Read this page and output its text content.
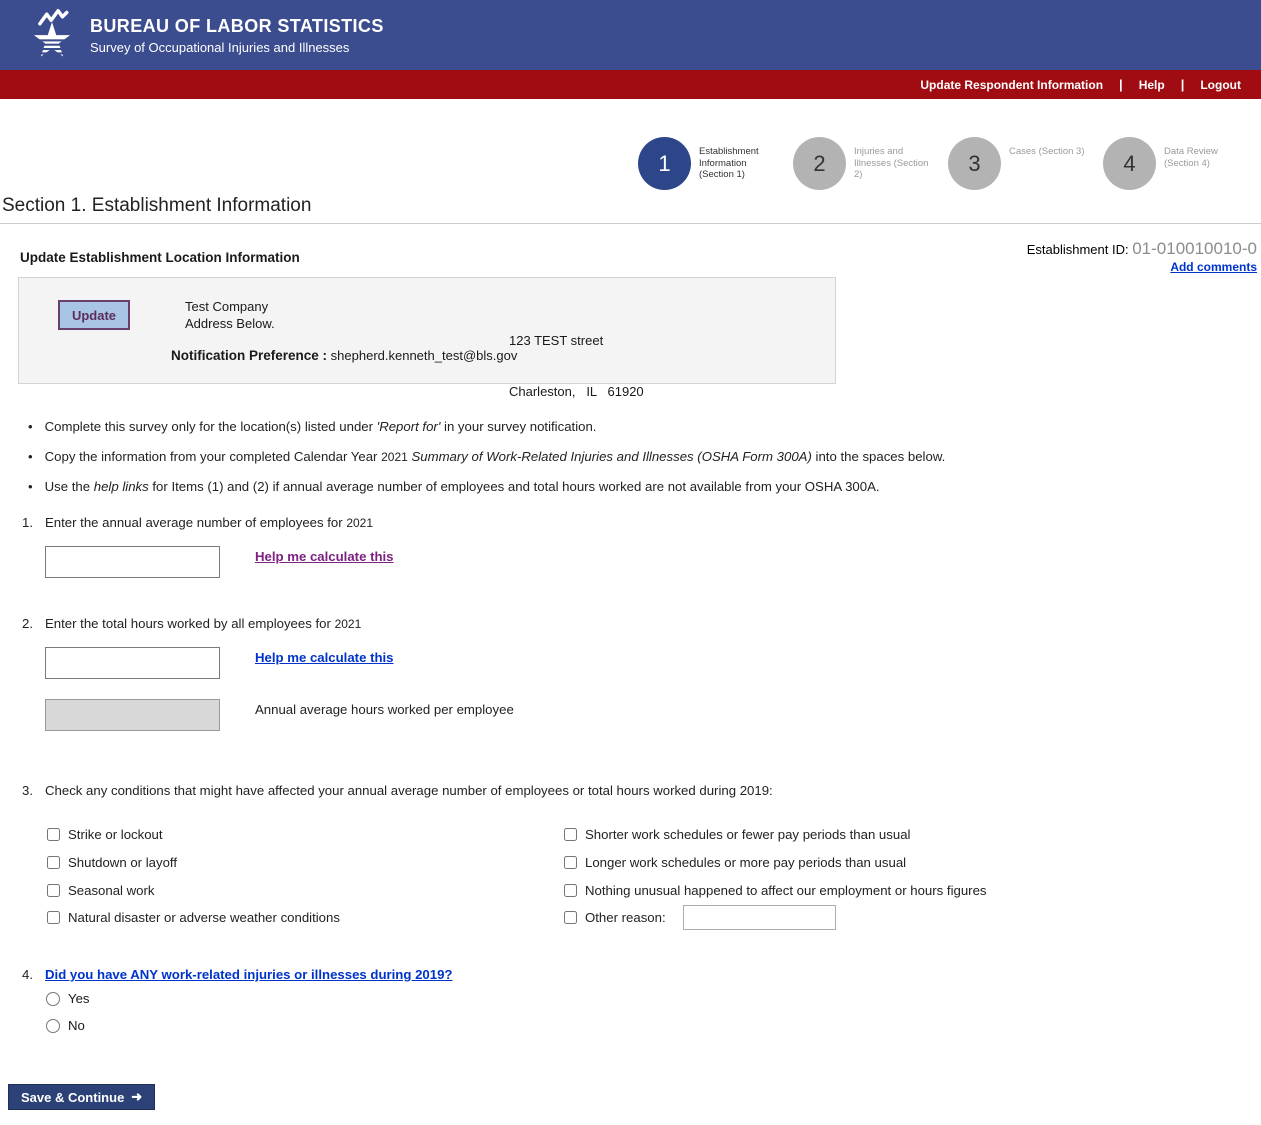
BUREAU OF LABOR STATISTICS
Survey of Occupational Injuries and Illnesses
Update Respondent Information | Help | Logout
1	Establishment Information (Section 1)	2	Injuries and Illnesses (Section 2)	3	Cases (Section 3)	4	Data Review (Section 4)
Section 1. Establishment Information
Establishment ID: 01-010010010-0
Add comments
Update Establishment Location Information
Update
Test Company
Address Below.

123 TEST street

Charleston,   IL   61920

Notification Preference : shepherd.kenneth_test@bls.gov
• Complete this survey only for the location(s) listed under 'Report for' in your survey notification.
• Copy the information from your completed Calendar Year 2021 Summary of Work-Related Injuries and Illnesses (OSHA Form 300A) into the spaces below.
• Use the help links for Items (1) and (2) if annual average number of employees and total hours worked are not available from your OSHA 300A.
1. Enter the annual average number of employees for 2021
Help me calculate this
2. Enter the total hours worked by all employees for 2021
Help me calculate this
Annual average hours worked per employee
3. Check any conditions that might have affected your annual average number of employees or total hours worked during 2019:
Strike or lockout
Shutdown or layoff
Seasonal work
Natural disaster or adverse weather conditions
Shorter work schedules or fewer pay periods than usual
Longer work schedules or more pay periods than usual
Nothing unusual happened to affect our employment or hours figures
Other reason:
4. Did you have ANY work-related injuries or illnesses during 2019?
Yes
No
Save & Continue ➜
